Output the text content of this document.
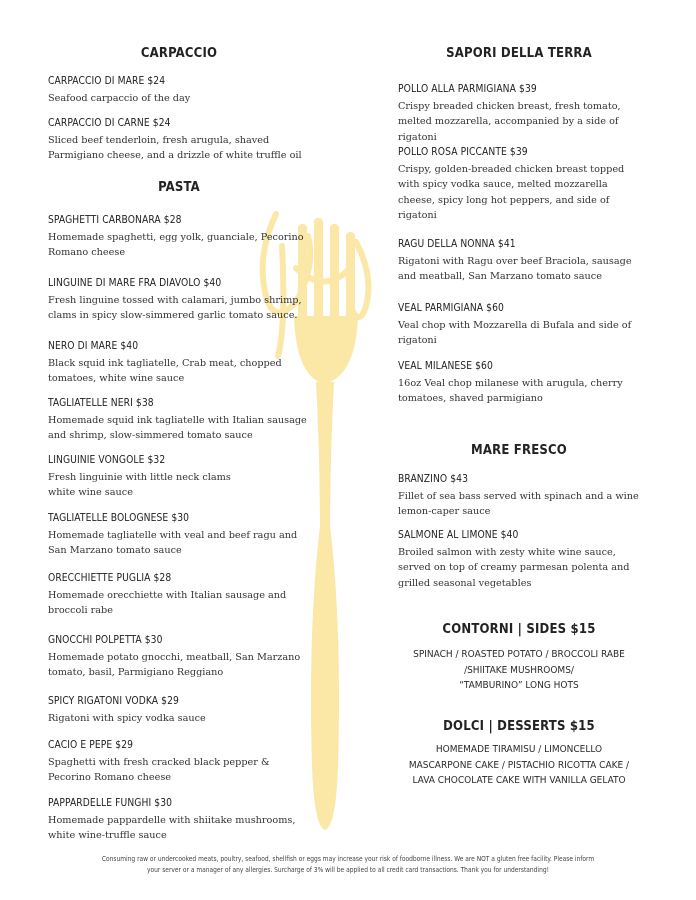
CARPACCIO
CARPACCIO DI MARE $24
Seafood carpaccio of the day
CARPACCIO DI CARNE $24
Sliced beef tenderloin, fresh arugula, shaved Parmigiano cheese, and a drizzle of white truffle oil
PASTA
SPAGHETTI CARBONARA $28
Homemade spaghetti, egg yolk, guanciale, Pecorino Romano cheese
LINGUINE DI MARE FRA DIAVOLO $40
Fresh linguine tossed with calamari, jumbo shrimp, clams in spicy slow-simmered garlic tomato sauce.
NERO DI MARE $40
Black squid ink tagliatelle, Crab meat, chopped tomatoes, white wine sauce
TAGLIATELLE NERI $38
Homemade squid ink tagliatelle with Italian sausage and shrimp, slow-simmered tomato sauce
LINGUINIE VONGOLE $32
Fresh linguinie with little neck clams white wine sauce
TAGLIATELLE BOLOGNESE $30
Homemade tagliatelle with veal and beef ragu and San Marzano tomato sauce
ORECCHIETTE PUGLIA $28
Homemade orecchiette with Italian sausage and broccoli rabe
GNOCCHI POLPETTA $30
Homemade potato gnocchi, meatball, San Marzano tomato, basil, Parmigiano Reggiano
SPICY RIGATONI VODKA $29
Rigatoni with spicy vodka sauce
CACIO E PEPE $29
Spaghetti with fresh cracked black pepper & Pecorino Romano cheese
PAPPARDELLE FUNGHI $30
Homemade pappardelle with shiitake mushrooms, white wine-truffle sauce
SAPORI DELLA TERRA
POLLO ALLA PARMIGIANA $39
Crispy breaded chicken breast, fresh tomato, melted mozzarella, accompanied by a side of rigatoni
POLLO ROSA PICCANTE $39
Crispy, golden-breaded chicken breast topped with spicy vodka sauce, melted mozzarella cheese, spicy long hot peppers, and side of rigatoni
RAGU DELLA NONNA $41
Rigatoni with Ragu over beef Braciola, sausage and meatball, San Marzano tomato sauce
VEAL PARMIGIANA $60
Veal chop with Mozzarella di Bufala and side of rigatoni
VEAL MILANESE $60
16oz Veal chop milanese with arugula, cherry tomatoes, shaved parmigiano
MARE FRESCO
BRANZINO $43
Fillet of sea bass served with spinach and a wine lemon-caper sauce
SALMONE AL LIMONE $40
Broiled salmon with zesty white wine sauce, served on top of creamy parmesan polenta and grilled seasonal vegetables
CONTORNI | SIDES $15
SPINACH / ROASTED POTATO / BROCCOLI RABE
/SHIITAKE MUSHROOMS/
“TAMBURINO” LONG HOTS
DOLCI | DESSERTS $15
HOMEMADE TIRAMISU / LIMONCELLO
MASCARPONE CAKE / PISTACHIO RICOTTA CAKE /
LAVA CHOCOLATE CAKE WITH VANILLA GELATO
Consuming raw or undercooked meats, poultry, seafood, shellfish or eggs may increase your risk of foodborne illness. We are NOT a gluten free facility. Please inform
your server or a manager of any allergies. Surcharge of 3% will be applied to all credit card transactions. Thank you for understanding!
